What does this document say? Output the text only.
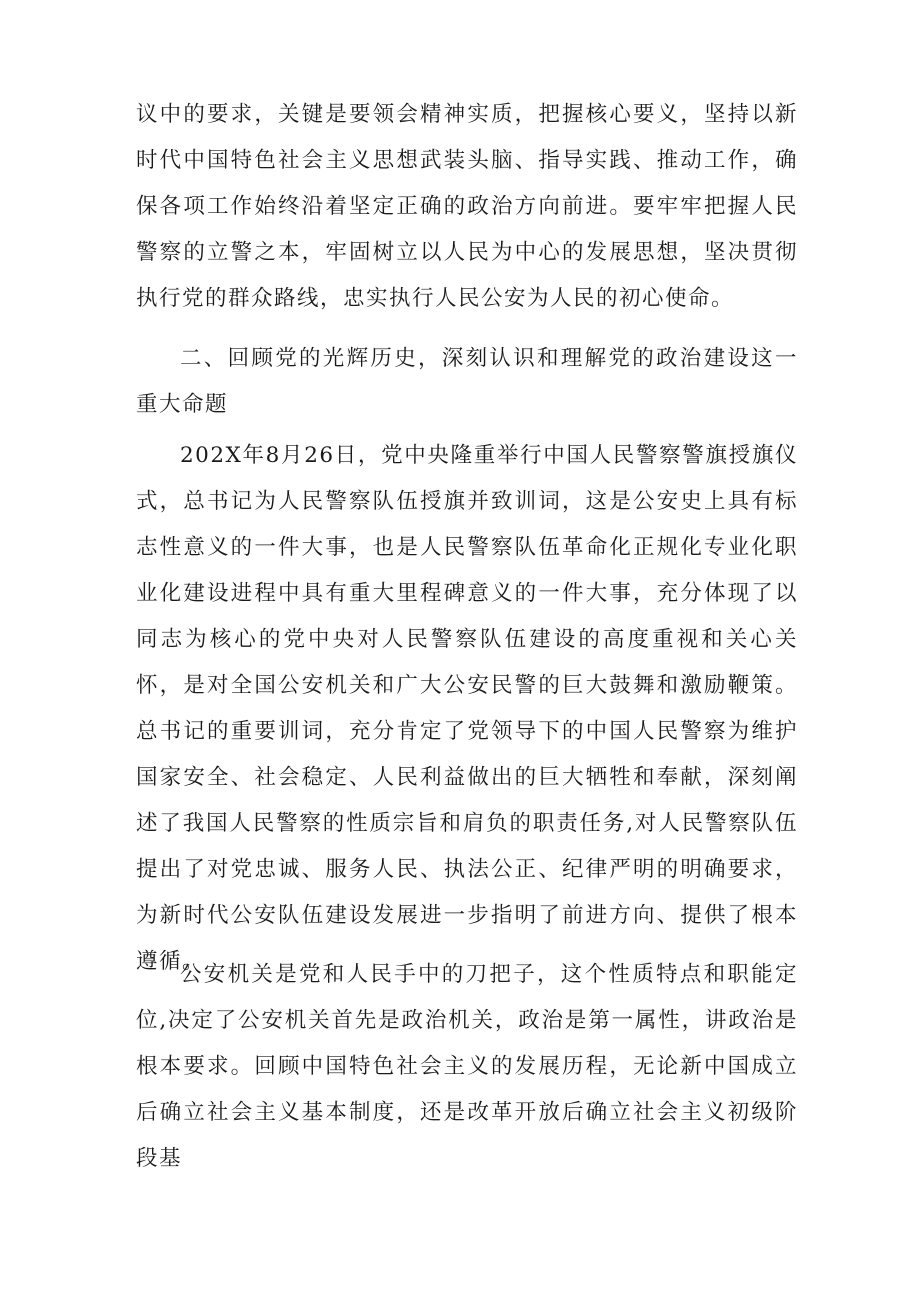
议中的要求，关键是要领会精神实质，把握核心要义，坚持以新时代中国特色社会主义思想武装头脑、指导实践、推动工作，确保各项工作始终沿着坚定正确的政治方向前进。要牢牢把握人民警察的立警之本，牢固树立以人民为中心的发展思想，坚决贯彻执行党的群众路线，忠实执行人民公安为人民的初心使命。

二、回顾党的光辉历史，深刻认识和理解党的政治建设这一重大命题

202X年8月26日，党中央隆重举行中国人民警察警旗授旗仪式，总书记为人民警察队伍授旗并致训词，这是公安史上具有标志性意义的一件大事，也是人民警察队伍革命化正规化专业化职业化建设进程中具有重大里程碑意义的一件大事，充分体现了以同志为核心的党中央对人民警察队伍建设的高度重视和关心关怀，是对全国公安机关和广大公安民警的巨大鼓舞和激励鞭策。总书记的重要训词，充分肯定了党领导下的中国人民警察为维护国家安全、社会稳定、人民利益做出的巨大牺牲和奉献，深刻阐述了我国人民警察的性质宗旨和肩负的职责任务,对人民警察队伍提出了对党忠诚、服务人民、执法公正、纪律严明的明确要求，为新时代公安队伍建设发展进一步指明了前进方向、提供了根本遵循。

公安机关是党和人民手中的刀把子，这个性质特点和职能定位,决定了公安机关首先是政治机关，政治是第一属性，讲政治是根本要求。回顾中国特色社会主义的发展历程，无论新中国成立后确立社会主义基本制度，还是改革开放后确立社会主义初级阶段基
